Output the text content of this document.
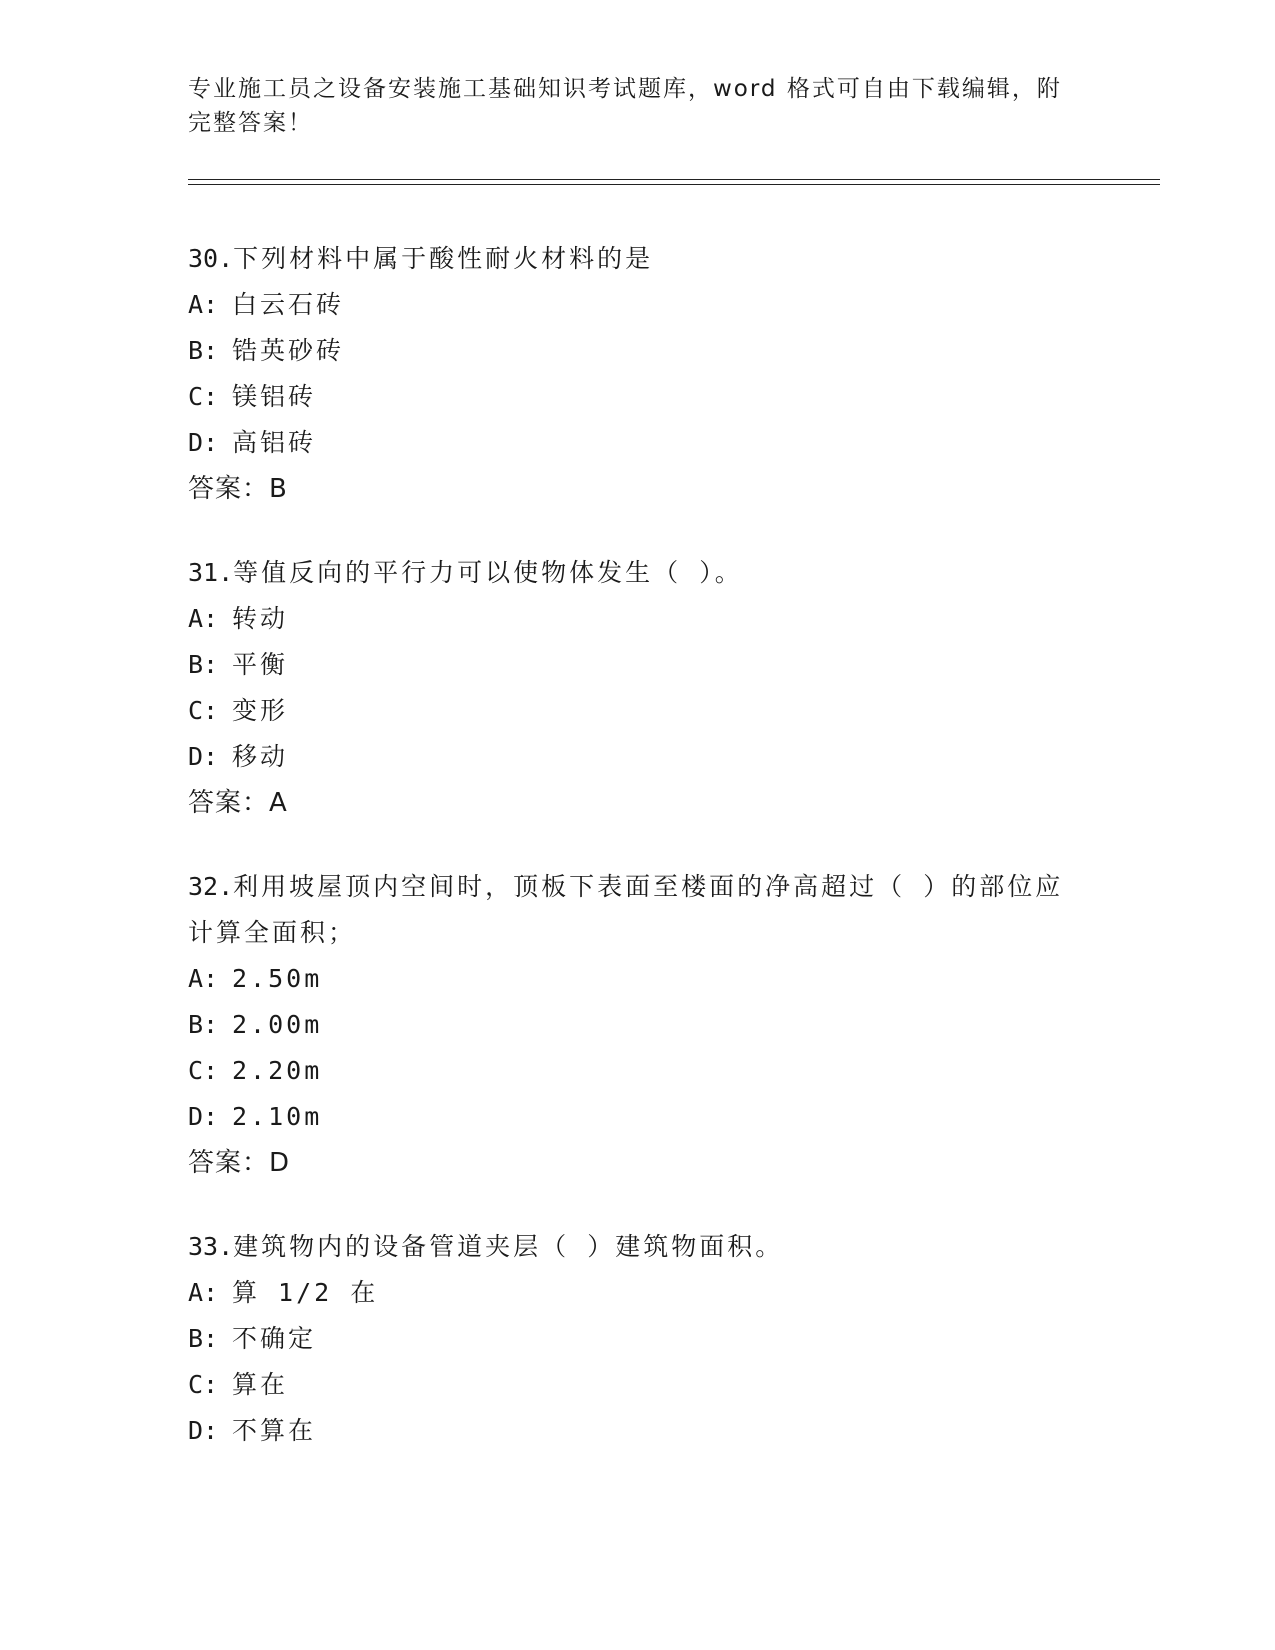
专业施工员之设备安装施工基础知识考试题库，word 格式可自由下载编辑，附完整答案！
30.下列材料中属于酸性耐火材料的是
A: 白云石砖
B: 锆英砂砖
C: 镁铝砖
D: 高铝砖
答案：B
31.等值反向的平行力可以使物体发生（ ）。
A: 转动
B: 平衡
C: 变形
D: 移动
答案：A
32.利用坡屋顶内空间时，顶板下表面至楼面的净高超过（ ）的部位应计算全面积；
A: 2.50m
B: 2.00m
C: 2.20m
D: 2.10m
答案：D
33.建筑物内的设备管道夹层（ ）建筑物面积。
A: 算 1/2 在
B: 不确定
C: 算在
D: 不算在
